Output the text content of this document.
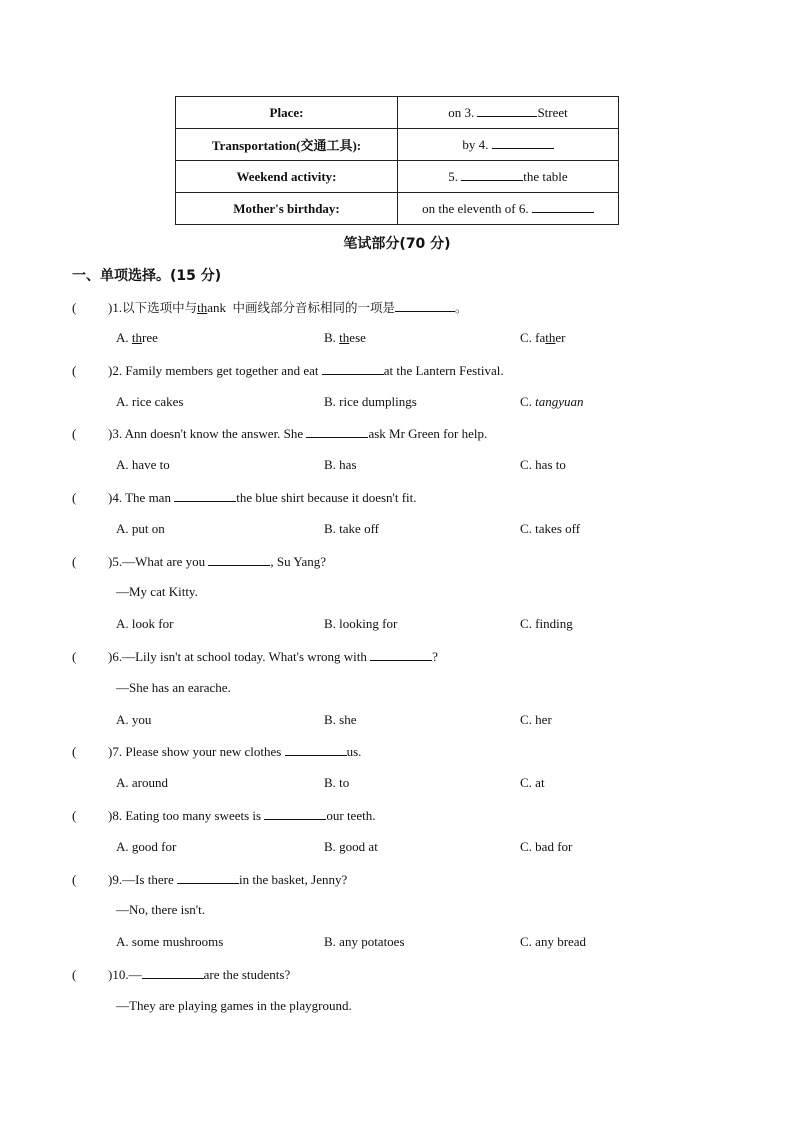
Place:	on 3. Street
Transportation(交通工具):	by 4.
Weekend activity:	5. the table
Mother's birthday:	on the eleventh of 6.
笔试部分(70 分)
一、单项选择。(15 分)
( )1.以下选项中与thank 中画线部分音标相同的一项是	。
A. three	B. these	C. father
( )2. Family members get together and eat	at the Lantern Festival.
A. rice cakes	B. rice dumplings	C. tangyuan
( )3. Ann doesn't know the answer. She	ask Mr Green for help.
A. have to	B. has	C. has to
( )4. The man	the blue shirt because it doesn't fit.
A. put on	B. take off	C. takes off
( )5.—What are you	, Su Yang?
—My cat Kitty.
A. look for	B. looking for	C. finding
( )6.—Lily isn't at school today. What's wrong with	?
—She has an earache.
A. you	B. she	C. her
( )7. Please show your new clothes	us.
A. around	B. to	C. at
( )8. Eating too many sweets is	our teeth.
A. good for	B. good at	C. bad for
( )9.—Is there	in the basket, Jenny?
—No, there isn't.
A. some mushrooms	B. any potatoes	C. any bread
( )10.—	are the students?
—They are playing games in the playground.
